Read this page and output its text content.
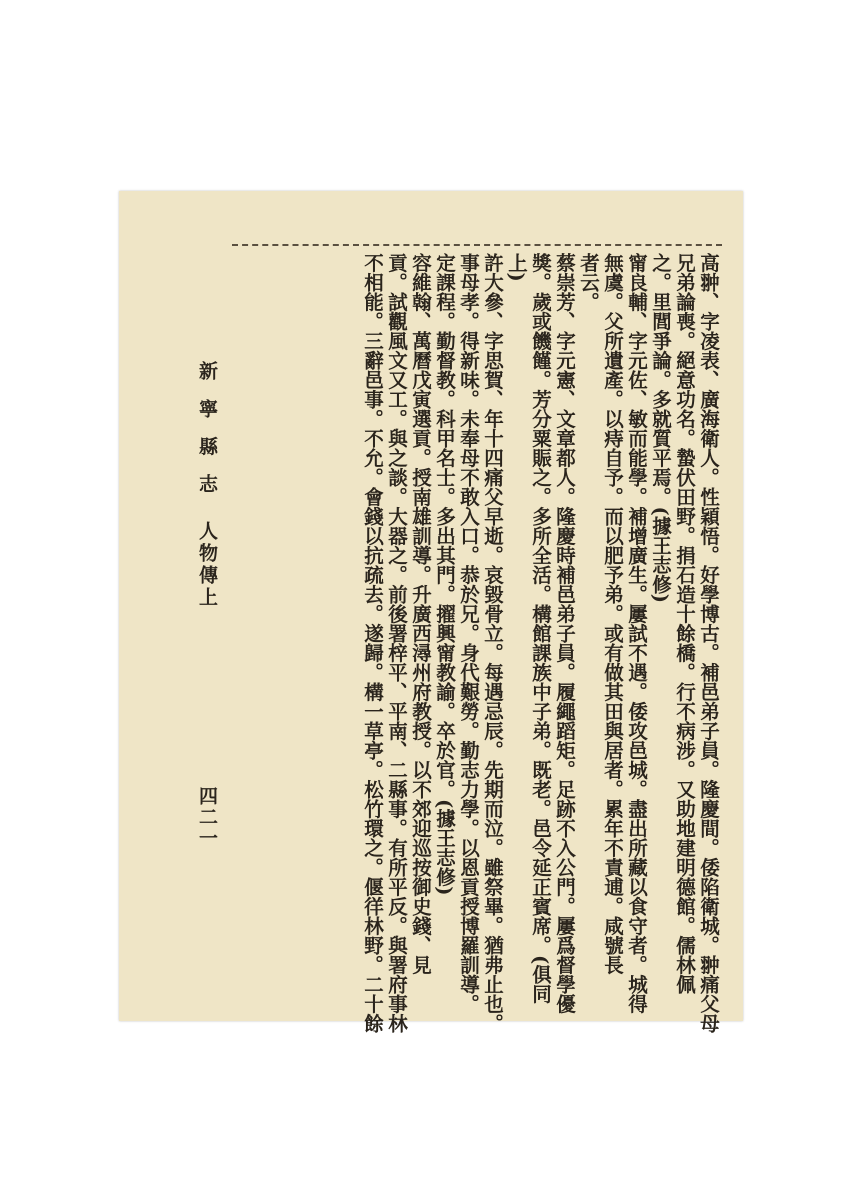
高翀、字凌表、廣海衛人。性穎悟。好學博古。補邑弟子員。隆慶間。倭陷衛城。翀痛父母
兄弟論喪。絕意功名。蟄伏田野。捐石造十餘橋。行不病涉。又助地建明德館。儒林佩
之。里閭爭論。多就質平焉。(據王志修)
甯良輔、字元佐、敏而能學。補增廣生。屢試不遇。倭攻邑城。盡出所藏以食守者。城得
無虞。父所遺產。以痔自予。而以肥予弟。或有做其田與居者。累年不責逋。咸號長
者云。
蔡崇芳、字元憲、文章都人。隆慶時補邑弟子員。履繩蹈矩。足跡不入公門。屢爲督學優
獎。歲或饑饉。芳分粟賑之。多所全活。構館課族中子弟。既老。邑令延正賓席。(俱同
上)
許大參、字思賀、年十四痛父早逝。哀毀骨立。每遇忌辰。先期而泣。雖祭畢。猶弗止也。
事母孝。得新味。未奉母不敢入口。恭於兄。身代艱勞。勤志力學。以恩貢授博羅訓導。
定課程。勤督教。科甲名士。多出其門。擢興甯教諭。卒於官。(據王志修)
容維翰、萬曆戊寅選貢。授南雄訓導。升廣西潯州府教授。以不郊迎巡按御史錢、見
貢。試觀風文又工。與之談。大器之。前後署梓平、平南、二縣事。有所平反。與署府事林
不相能。三辭邑事。不允。會錢以抗疏去。遂歸。構一草亭。松竹環之。偃徉林野。二十餘
新 寧 縣 志
人物傳上
四二一
